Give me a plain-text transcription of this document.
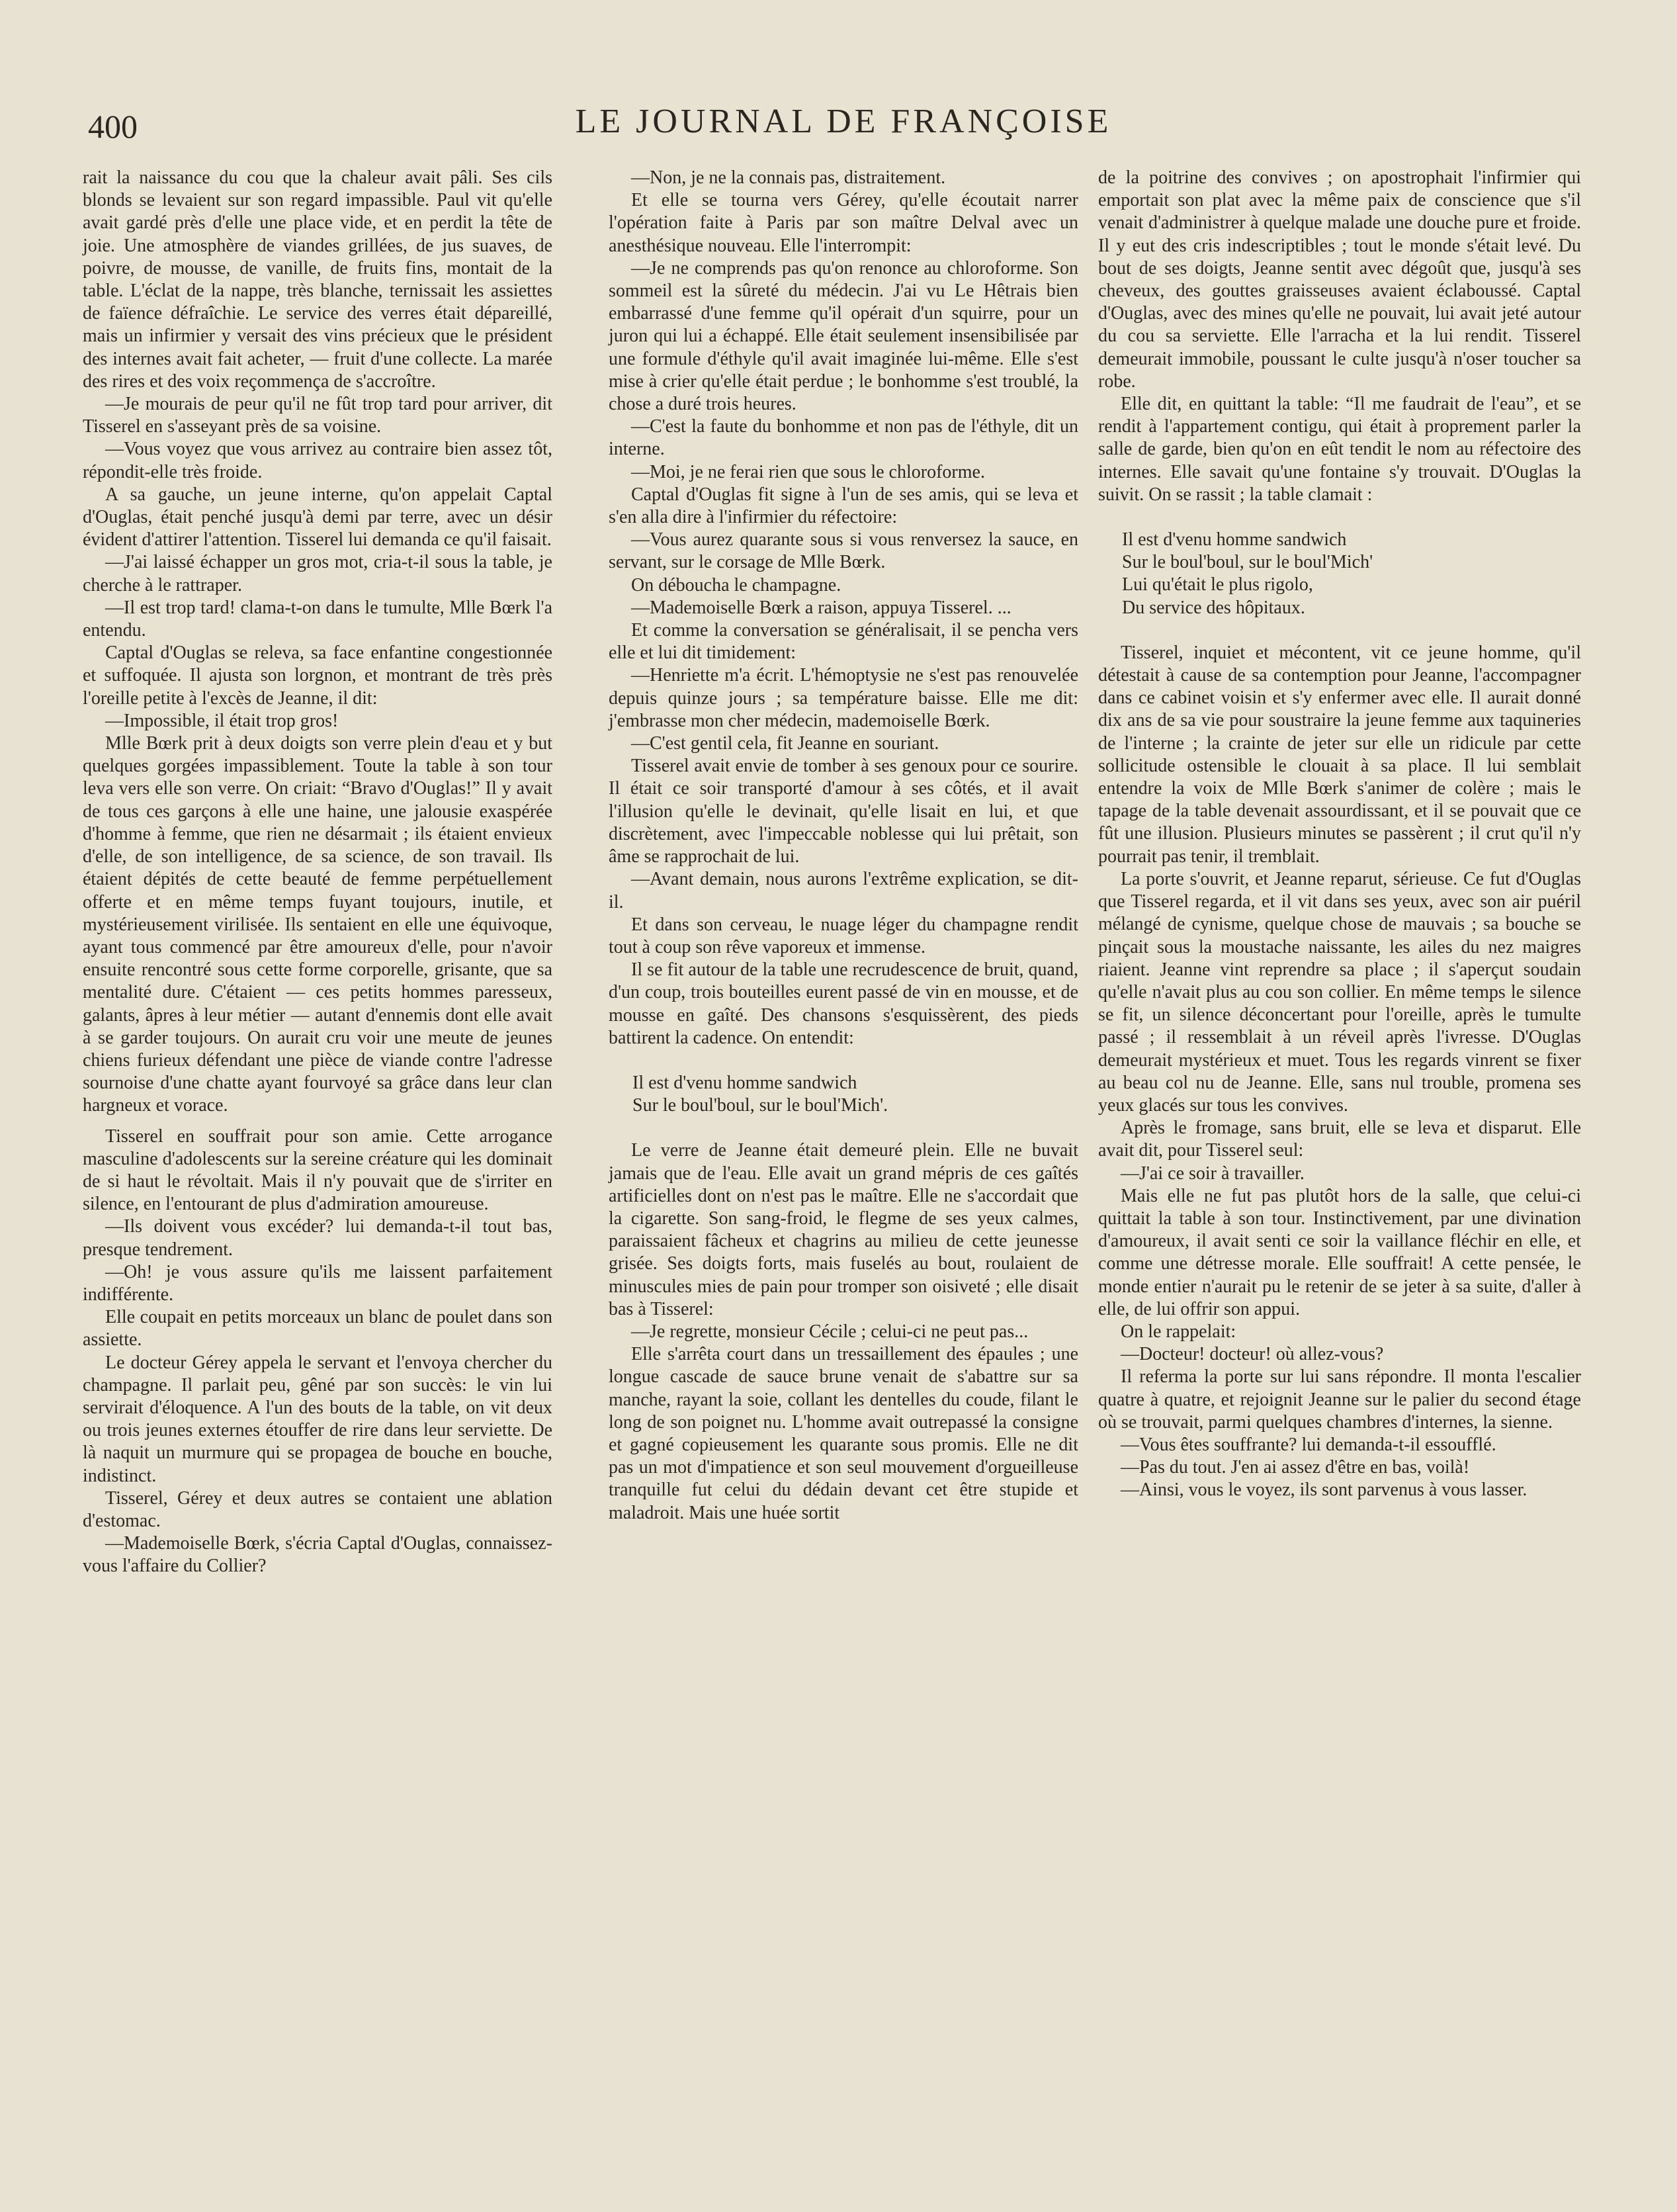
400	LE JOURNAL DE FRANÇOISE

rait la naissance du cou que la chaleur avait pâli. Ses cils blonds se levaient sur son regard impassible. Paul vit qu'elle avait gardé près d'elle une place vide, et en perdit la tête de joie. Une atmosphère de viandes grillées, de jus suaves, de poivre, de mousse, de vanille, de fruits fins, montait de la table. L'éclat de la nappe, très blanche, ternissait les assiettes de faïence défraîchie. Le service des verres était dépareillé, mais un infirmier y versait des vins précieux que le président des internes avait fait acheter, — fruit d'une collecte. La marée des rires et des voix reçommença de s'accroître.

—Je mourais de peur qu'il ne fût trop tard pour arriver, dit Tisserel en s'asseyant près de sa voisine.

—Vous voyez que vous arrivez au contraire bien assez tôt, répondit-elle très froide.

A sa gauche, un jeune interne, qu'on appelait Captal d'Ouglas, était penché jusqu'à demi par terre, avec un désir évident d'attirer l'attention. Tisserel lui demanda ce qu'il faisait.

—J'ai laissé échapper un gros mot, cria-t-il sous la table, je cherche à le rattraper.

—Il est trop tard! clama-t-on dans le tumulte, Mlle Bœrk l'a entendu.

Captal d'Ouglas se releva, sa face enfantine congestionnée et suffoquée. Il ajusta son lorgnon, et montrant de très près l'oreille petite à l'excès de Jeanne, il dit:

—Impossible, il était trop gros!

Mlle Bœrk prit à deux doigts son verre plein d'eau et y but quelques gorgées impassiblement. Toute la table à son tour leva vers elle son verre. On criait: “Bravo d'Ouglas!” Il y avait de tous ces garçons à elle une haine, une jalousie exaspérée d'homme à femme, que rien ne désarmait ; ils étaient envieux d'elle, de son intelligence, de sa science, de son travail. Ils étaient dépités de cette beauté de femme perpétuellement offerte et en même temps fuyant toujours, inutile, et mystérieusement virilisée. Ils sentaient en elle une équivoque, ayant tous commencé par être amoureux d'elle, pour n'avoir ensuite rencontré sous cette forme corporelle, grisante, que sa mentalité dure. C'étaient — ces petits hommes paresseux, galants, âpres à leur métier — autant d'ennemis dont elle avait à se garder toujours. On aurait cru voir une meute de jeunes chiens furieux défendant une pièce de viande contre l'adresse sournoise d'une chatte ayant fourvoyé sa grâce dans leur clan hargneux et vorace.

Tisserel en souffrait pour son amie. Cette arrogance masculine d'adolescents sur la sereine créature qui les dominait de si haut le révoltait. Mais il n'y pouvait que de s'irriter en silence, en l'entourant de plus d'admiration amoureuse.

—Ils doivent vous excéder? lui demanda-t-il tout bas, presque tendrement.

—Oh! je vous assure qu'ils me laissent parfaitement indifférente.

Elle coupait en petits morceaux un blanc de poulet dans son assiette.

Le docteur Gérey appela le servant et l'envoya chercher du champagne. Il parlait peu, gêné par son succès: le vin lui servirait d'éloquence. A l'un des bouts de la table, on vit deux ou trois jeunes externes étouffer de rire dans leur serviette. De là naquit un murmure qui se propagea de bouche en bouche, indistinct.

Tisserel, Gérey et deux autres se contaient une ablation d'estomac.

—Mademoiselle Bœrk, s'écria Captal d'Ouglas, connaissez-vous l'affaire du Collier?

—Non, je ne la connais pas, distraitement.

Et elle se tourna vers Gérey, qu'elle écoutait narrer l'opération faite à Paris par son maître Delval avec un anesthésique nouveau. Elle l'interrompit:

—Je ne comprends pas qu'on renonce au chloroforme. Son sommeil est la sûreté du médecin. J'ai vu Le Hêtrais bien embarrassé d'une femme qu'il opérait d'un squirre, pour un juron qui lui a échappé. Elle était seulement insensibilisée par une formule d'éthyle qu'il avait imaginée lui-même. Elle s'est mise à crier qu'elle était perdue ; le bonhomme s'est troublé, la chose a duré trois heures.

—C'est la faute du bonhomme et non pas de l'éthyle, dit un interne.

—Moi, je ne ferai rien que sous le chloroforme.

Captal d'Ouglas fit signe à l'un de ses amis, qui se leva et s'en alla dire à l'infirmier du réfectoire:

—Vous aurez quarante sous si vous renversez la sauce, en servant, sur le corsage de Mlle Bœrk.

On déboucha le champagne.

—Mademoiselle Bœrk a raison, appuya Tisserel. ...

Et comme la conversation se généralisait, il se pencha vers elle et lui dit timidement:

—Henriette m'a écrit. L'hémoptysie ne s'est pas renouvelée depuis quinze jours ; sa température baisse. Elle me dit: j'embrasse mon cher médecin, mademoiselle Bœrk.

—C'est gentil cela, fit Jeanne en souriant.

Tisserel avait envie de tomber à ses genoux pour ce sourire. Il était ce soir transporté d'amour à ses côtés, et il avait l'illusion qu'elle le devinait, qu'elle lisait en lui, et que discrètement, avec l'impeccable noblesse qui lui prêtait, son âme se rapprochait de lui.

—Avant demain, nous aurons l'extrême explication, se dit-il.

Et dans son cerveau, le nuage léger du champagne rendit tout à coup son rêve vaporeux et immense.

Il se fit autour de la table une recrudescence de bruit, quand, d'un coup, trois bouteilles eurent passé de vin en mousse, et de mousse en gaîté. Des chansons s'esquissèrent, des pieds battirent la cadence. On entendit:

Il est d'venu homme sandwich
Sur le boul'boul, sur le boul'Mich'.

Le verre de Jeanne était demeuré plein. Elle ne buvait jamais que de l'eau. Elle avait un grand mépris de ces gaîtés artificielles dont on n'est pas le maître. Elle ne s'accordait que la cigarette. Son sang-froid, le flegme de ses yeux calmes, paraissaient fâcheux et chagrins au milieu de cette jeunesse grisée. Ses doigts forts, mais fuselés au bout, roulaient de minuscules mies de pain pour tromper son oisiveté ; elle disait bas à Tisserel:

—Je regrette, monsieur Cécile ; celui-ci ne peut pas...

Elle s'arrêta court dans un tressaillement des épaules ; une longue cascade de sauce brune venait de s'abattre sur sa manche, rayant la soie, collant les dentelles du coude, filant le long de son poignet nu. L'homme avait outrepassé la consigne et gagné copieusement les quarante sous promis. Elle ne dit pas un mot d'impatience et son seul mouvement d'orgueilleuse tranquille fut celui du dédain devant cet être stupide et maladroit. Mais une huée sortit

de la poitrine des convives ; on apostrophait l'infirmier qui emportait son plat avec la même paix de conscience que s'il venait d'administrer à quelque malade une douche pure et froide. Il y eut des cris indescriptibles ; tout le monde s'était levé. Du bout de ses doigts, Jeanne sentit avec dégoût que, jusqu'à ses cheveux, des gouttes graisseuses avaient éclaboussé. Captal d'Ouglas, avec des mines qu'elle ne pouvait, lui avait jeté autour du cou sa serviette. Elle l'arracha et la lui rendit. Tisserel demeurait immobile, poussant le culte jusqu'à n'oser toucher sa robe.

Elle dit, en quittant la table: “Il me faudrait de l'eau”, et se rendit à l'appartement contigu, qui était à proprement parler la salle de garde, bien qu'on en eût tendit le nom au réfectoire des internes. Elle savait qu'une fontaine s'y trouvait. D'Ouglas la suivit. On se rassit ; la table clamait :

Il est d'venu homme sandwich
Sur le boul'boul, sur le boul'Mich'
Lui qu'était le plus rigolo,
Du service des hôpitaux.

Tisserel, inquiet et mécontent, vit ce jeune homme, qu'il détestait à cause de sa contemption pour Jeanne, l'accompagner dans ce cabinet voisin et s'y enfermer avec elle. Il aurait donné dix ans de sa vie pour soustraire la jeune femme aux taquineries de l'interne ; la crainte de jeter sur elle un ridicule par cette sollicitude ostensible le clouait à sa place. Il lui semblait entendre la voix de Mlle Bœrk s'animer de colère ; mais le tapage de la table devenait assourdissant, et il se pouvait que ce fût une illusion. Plusieurs minutes se passèrent ; il crut qu'il n'y pourrait pas tenir, il tremblait.

La porte s'ouvrit, et Jeanne reparut, sérieuse. Ce fut d'Ouglas que Tisserel regarda, et il vit dans ses yeux, avec son air puéril mélangé de cynisme, quelque chose de mauvais ; sa bouche se pinçait sous la moustache naissante, les ailes du nez maigres riaient. Jeanne vint reprendre sa place ; il s'aperçut soudain qu'elle n'avait plus au cou son collier. En même temps le silence se fit, un silence déconcertant pour l'oreille, après le tumulte passé ; il ressemblait à un réveil après l'ivresse. D'Ouglas demeurait mystérieux et muet. Tous les regards vinrent se fixer au beau col nu de Jeanne. Elle, sans nul trouble, promena ses yeux glacés sur tous les convives.

Après le fromage, sans bruit, elle se leva et disparut. Elle avait dit, pour Tisserel seul:

—J'ai ce soir à travailler.

Mais elle ne fut pas plutôt hors de la salle, que celui-ci quittait la table à son tour. Instinctivement, par une divination d'amoureux, il avait senti ce soir la vaillance fléchir en elle, et comme une détresse morale. Elle souffrait! A cette pensée, le monde entier n'aurait pu le retenir de se jeter à sa suite, d'aller à elle, de lui offrir son appui.

On le rappelait:

—Docteur! docteur! où allez-vous?

Il referma la porte sur lui sans répondre. Il monta l'escalier quatre à quatre, et rejoignit Jeanne sur le palier du second étage où se trouvait, parmi quelques chambres d'internes, la sienne.

—Vous êtes souffrante? lui demanda-t-il essoufflé.

—Pas du tout. J'en ai assez d'être en bas, voilà!

—Ainsi, vous le voyez, ils sont parvenus à vous lasser.
